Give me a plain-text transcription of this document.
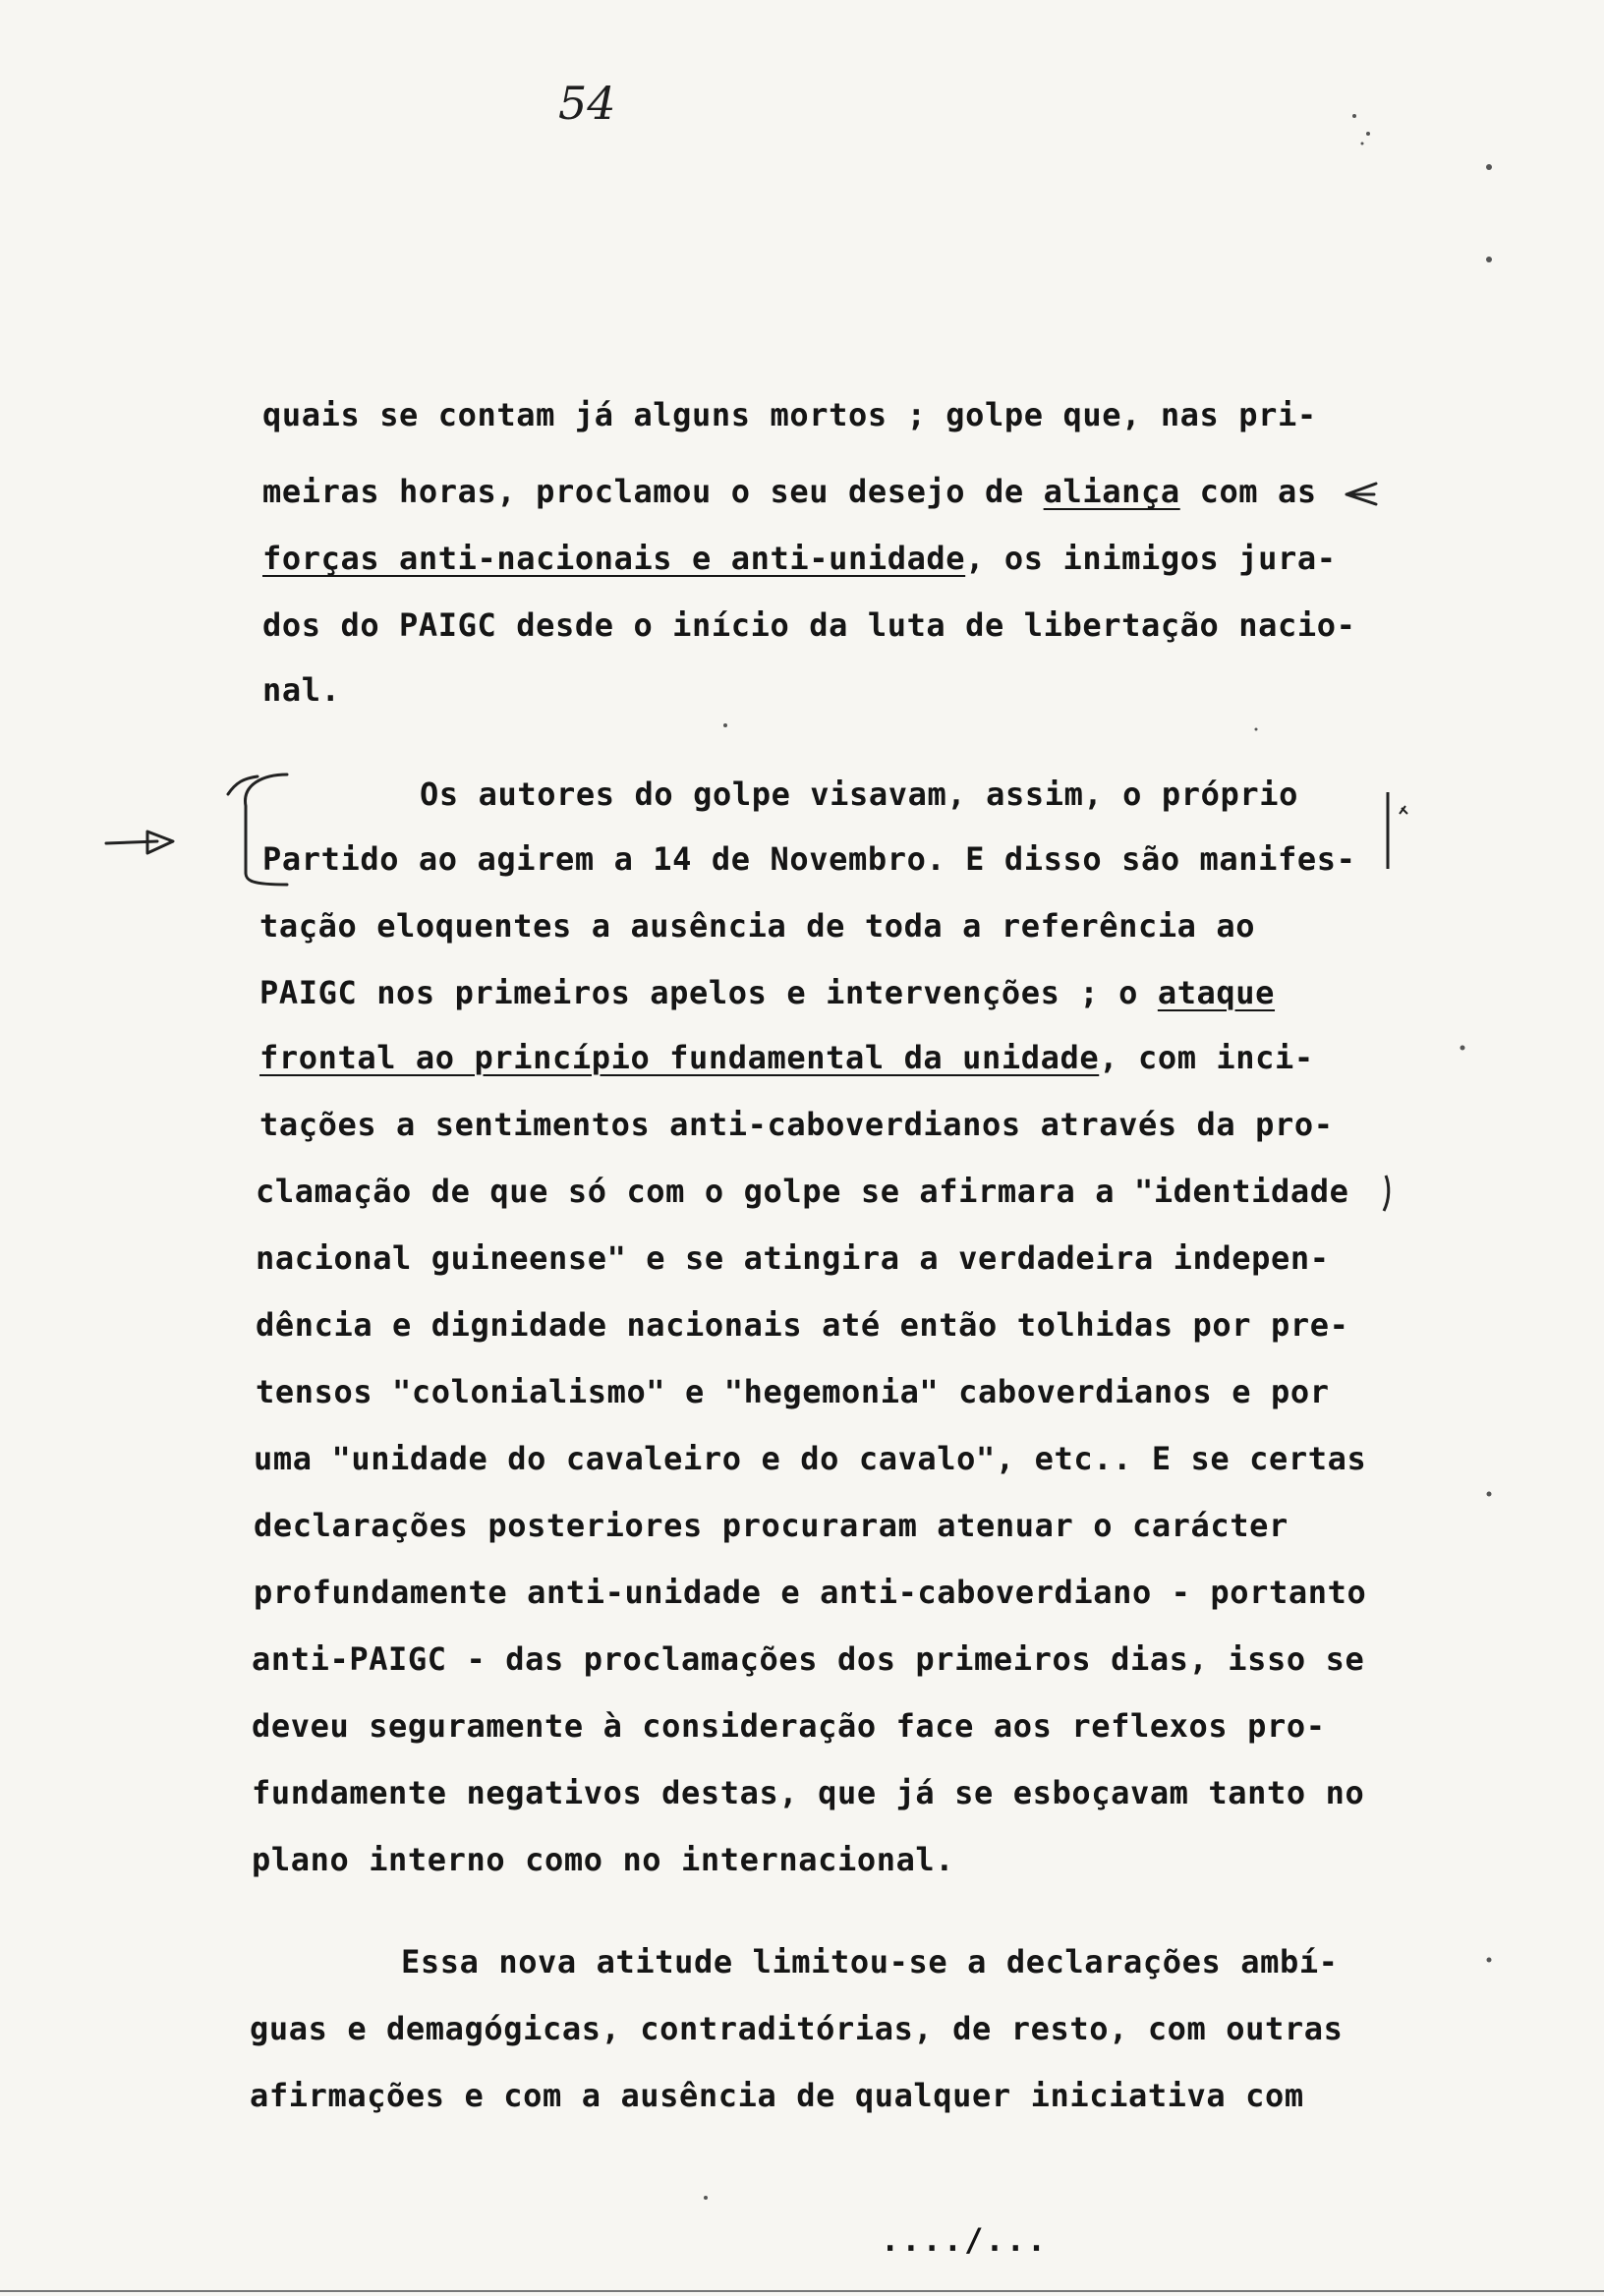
54
quais se contam já alguns mortos ; golpe que, nas pri-
meiras horas, proclamou o seu desejo de aliança com as
forças anti-nacionais e anti-unidade, os inimigos jura-
dos do PAIGC desde o início da luta de libertação nacio-
nal.
Os autores do golpe visavam, assim, o próprio
Partido ao agirem a 14 de Novembro. E disso são manifes-
tação eloquentes a ausência de toda a referência ao
PAIGC nos primeiros apelos e intervenções ; o ataque
frontal ao princípio fundamental da unidade, com inci-
tações a sentimentos anti-caboverdianos através da pro-
clamação de que só com o golpe se afirmara a "identidade
nacional guineense" e se atingira a verdadeira indepen-
dência e dignidade nacionais até então tolhidas por pre-
tensos "colonialismo" e "hegemonia" caboverdianos e por
uma "unidade do cavaleiro e do cavalo", etc.. E se certas
declarações posteriores procuraram atenuar o carácter
profundamente anti-unidade e anti-caboverdiano - portanto
anti-PAIGC - das proclamações dos primeiros dias, isso se
deveu seguramente à consideração face aos reflexos pro-
fundamente negativos destas, que já se esboçavam tanto no
plano interno como no internacional.
Essa nova atitude limitou-se a declarações ambí-
guas e demagógicas, contraditórias, de resto, com outras
afirmações e com a ausência de qualquer iniciativa com
..../...
